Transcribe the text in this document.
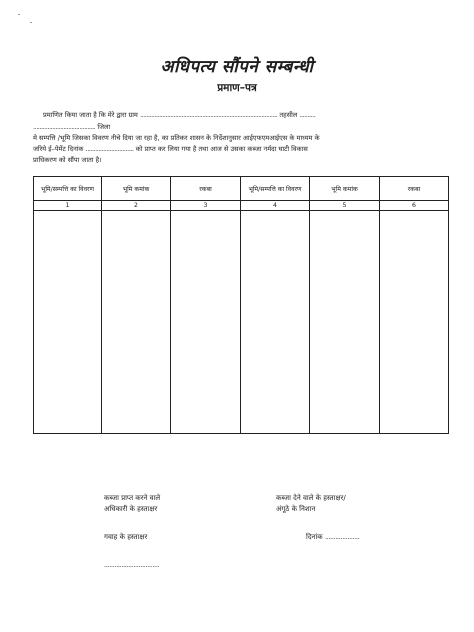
अधिपत्य सौंपने सम्बन्धी
प्रमाण–पत्र
प्रमाणित किया जाता है कि मेरे द्वारा ग्राम ...................................................................................... तहसील ..........
....................................... जिला
मे सम्पत्ति /भूमि जिसका विवरण नीचे दिया जा रहा है, का प्रतिकर शासन के निर्देशानुसार आईएफएमआईएस के माध्यम के
जरिये ई–पेमेंट दिनांक .............................. को प्राप्त कर लिया गया है तथा आज से उसका कब्जा नर्मदा घाटी विकास
प्राधिकरण को सौंपा जाता है।
भूमि/सम्पत्ति का विवरण	भूमि कमांक	रकबा	भूमि/सम्पत्ति का विवरण	भूमि कमांक	रकबा
1	2	3	4	5	6

कब्जा प्राप्त करने वाले
अधिकारी के हस्ताक्षर
कब्जा देने वाले के हस्ताक्षर/
अंगूठे के निशान
गवाह के हस्ताक्षर	दिनांक ....................
................................
